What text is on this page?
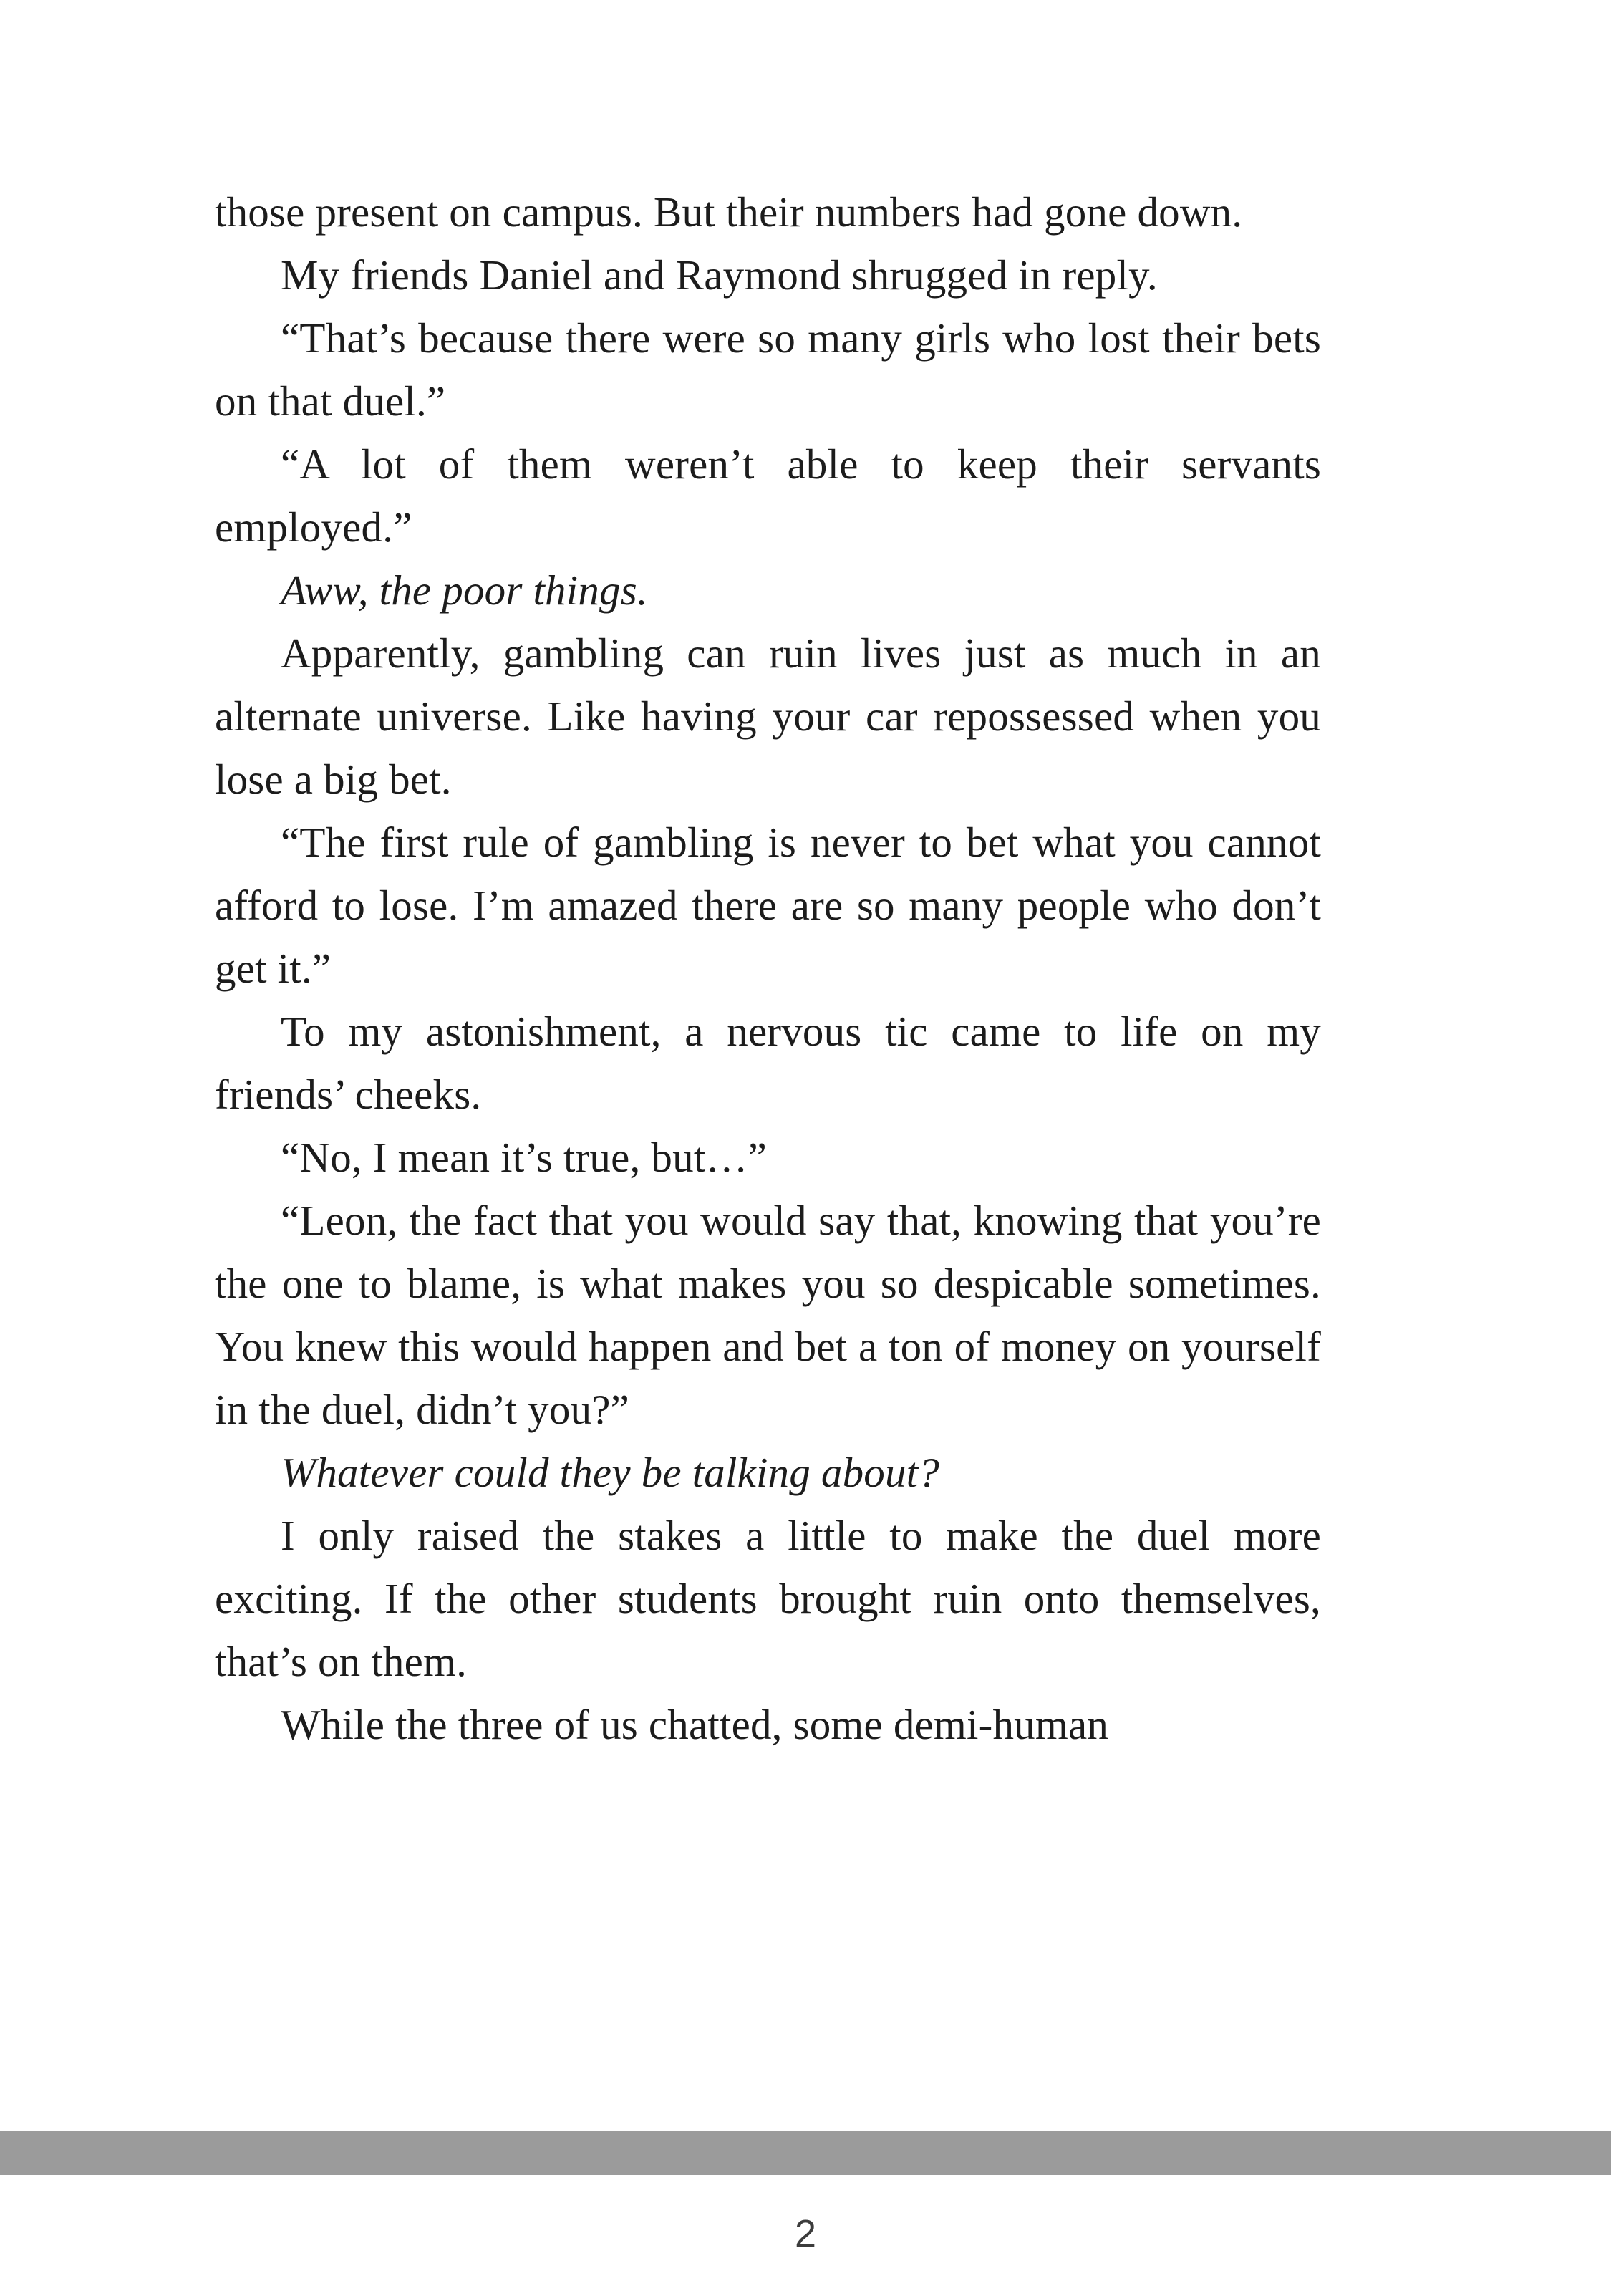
those present on campus. But their numbers had gone down.

My friends Daniel and Raymond shrugged in reply.

“That’s because there were so many girls who lost their bets on that duel.”

“A lot of them weren’t able to keep their servants employed.”

Aww, the poor things.

Apparently, gambling can ruin lives just as much in an alternate universe. Like having your car repossessed when you lose a big bet.

“The first rule of gambling is never to bet what you cannot afford to lose. I’m amazed there are so many people who don’t get it.”

To my astonishment, a nervous tic came to life on my friends’ cheeks.

“No, I mean it’s true, but…”

“Leon, the fact that you would say that, knowing that you’re the one to blame, is what makes you so despicable sometimes. You knew this would happen and bet a ton of money on yourself in the duel, didn’t you?”

Whatever could they be talking about?

I only raised the stakes a little to make the duel more exciting. If the other students brought ruin onto themselves, that’s on them.

While the three of us chatted, some demi-human

2
